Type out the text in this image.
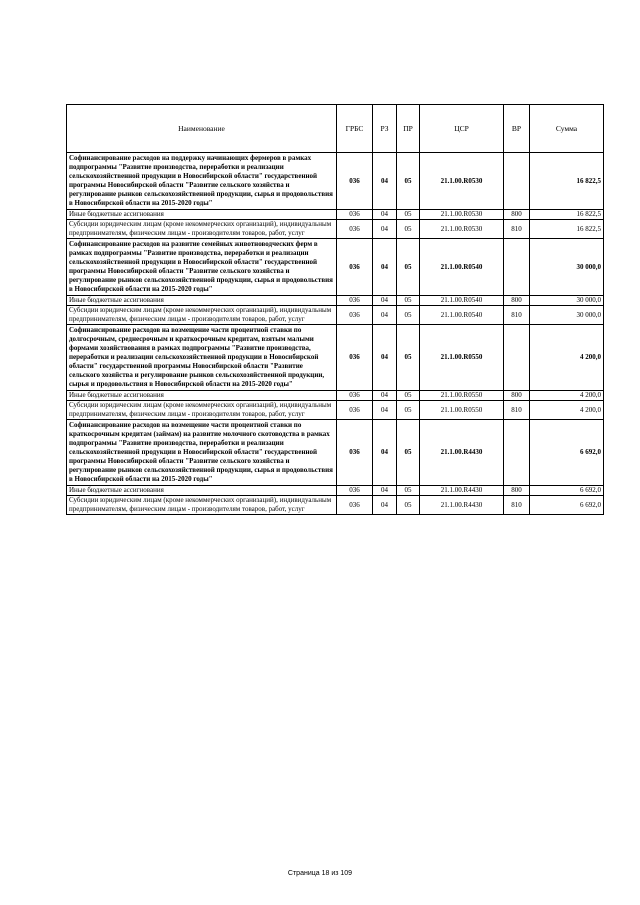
Наименование	ГРБС	РЗ	ПР	ЦСР	ВР	Сумма
Софинансирование расходов на поддержку начинающих фермеров в рамках подпрограммы "Развитие производства, переработки и реализации сельскохозяйственной продукции в Новосибирской области" государственной программы Новосибирской области "Развитие сельского хозяйства и регулирование рынков сельскохозяйственной продукции, сырья и продовольствия в Новосибирской области на 2015-2020 годы"	036	04	05	21.1.00.R0530		16 822,5
Иные бюджетные ассигнования	036	04	05	21.1.00.R0530	800	16 822,5
Субсидии юридическим лицам (кроме некоммерческих организаций), индивидуальным предпринимателям, физическим лицам - производителям товаров, работ, услуг	036	04	05	21.1.00.R0530	810	16 822,5
Софинансирование расходов на развитие семейных животноводческих ферм в рамках подпрограммы "Развитие производства, переработки и реализации сельскохозяйственной продукции в Новосибирской области" государственной программы Новосибирской области "Развитие сельского хозяйства и регулирование рынков сельскохозяйственной продукции, сырья и продовольствия в Новосибирской области на 2015-2020 годы"	036	04	05	21.1.00.R0540		30 000,0
Иные бюджетные ассигнования	036	04	05	21.1.00.R0540	800	30 000,0
Субсидии юридическим лицам (кроме некоммерческих организаций), индивидуальным предпринимателям, физическим лицам - производителям товаров, работ, услуг	036	04	05	21.1.00.R0540	810	30 000,0
Софинансирование расходов на возмещение части процентной ставки по долгосрочным, среднесрочным и краткосрочным кредитам, взятым малыми формами хозяйствования в рамках подпрограммы "Развитие производства, переработки и реализации сельскохозяйственной продукции в Новосибирской области" государственной программы Новосибирской области "Развитие сельского хозяйства и регулирование рынков сельскохозяйственной продукции, сырья и продовольствия в Новосибирской области на 2015-2020 годы"	036	04	05	21.1.00.R0550		4 200,0
Иные бюджетные ассигнования	036	04	05	21.1.00.R0550	800	4 200,0
Субсидии юридическим лицам (кроме некоммерческих организаций), индивидуальным предпринимателям, физическим лицам - производителям товаров, работ, услуг	036	04	05	21.1.00.R0550	810	4 200,0
Софинансирование расходов на возмещение части процентной ставки по краткосрочным кредитам (займам) на развитие молочного скотоводства в рамках подпрограммы "Развитие производства, переработки и реализации сельскохозяйственной продукции в Новосибирской области" государственной программы Новосибирской области "Развитие сельского хозяйства и регулирование рынков сельскохозяйственной продукции, сырья и продовольствия в Новосибирской области на 2015-2020 годы"	036	04	05	21.1.00.R4430		6 692,0
Иные бюджетные ассигнования	036	04	05	21.1.00.R4430	800	6 692,0
Субсидии юридическим лицам (кроме некоммерческих организаций), индивидуальным предпринимателям, физическим лицам - производителям товаров, работ, услуг	036	04	05	21.1.00.R4430	810	6 692,0
Страница 18 из 109
